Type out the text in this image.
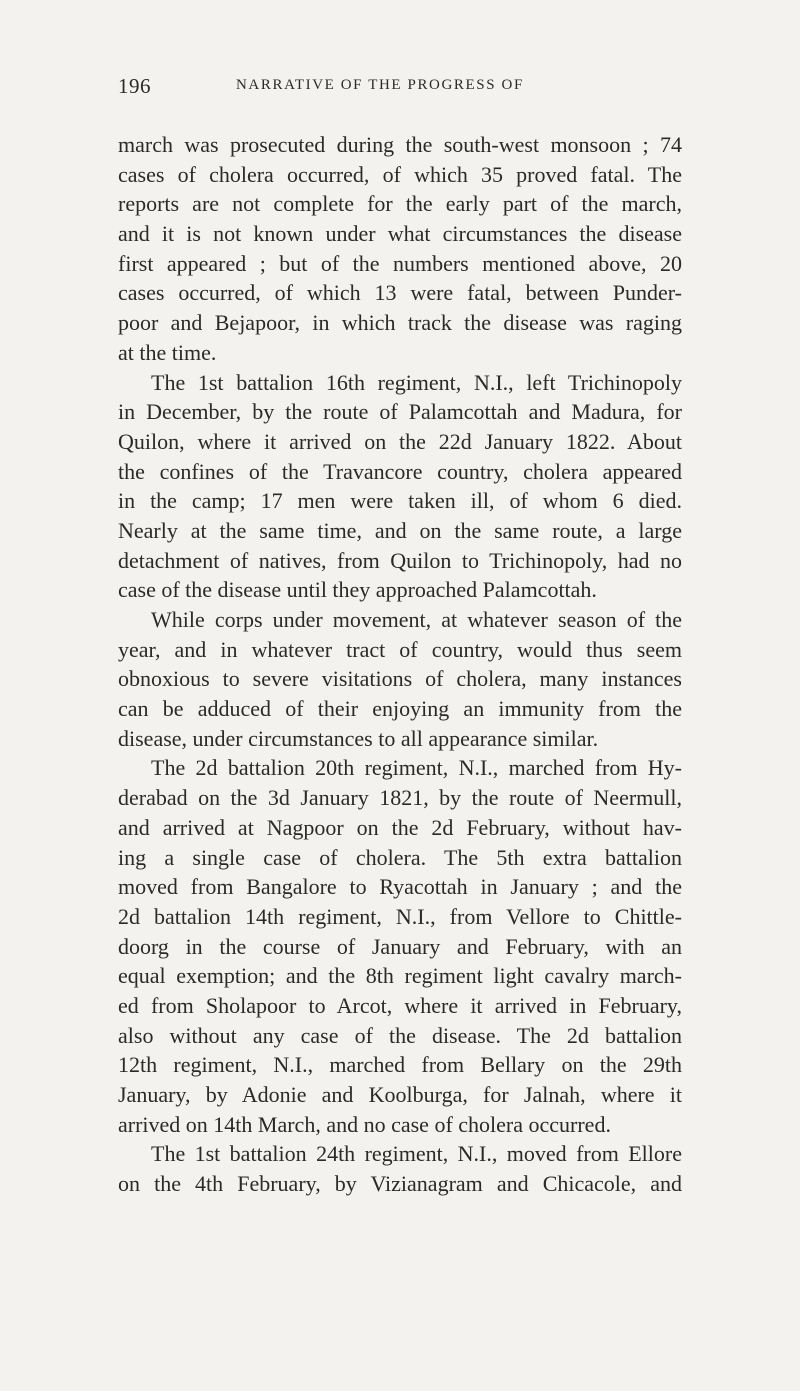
196	NARRATIVE OF THE PROGRESS OF
march was prosecuted during the south-west monsoon ; 74
cases of cholera occurred, of which 35 proved fatal. The
reports are not complete for the early part of the march,
and it is not known under what circumstances the disease
first appeared ; but of the numbers mentioned above, 20
cases occurred, of which 13 were fatal, between Punder-
poor and Bejapoor, in which track the disease was raging
at the time.
The 1st battalion 16th regiment, N.I., left Trichinopoly
in December, by the route of Palamcottah and Madura, for
Quilon, where it arrived on the 22d January 1822. About
the confines of the Travancore country, cholera appeared
in the camp; 17 men were taken ill, of whom 6 died.
Nearly at the same time, and on the same route, a large
detachment of natives, from Quilon to Trichinopoly, had no
case of the disease until they approached Palamcottah.
While corps under movement, at whatever season of the
year, and in whatever tract of country, would thus seem
obnoxious to severe visitations of cholera, many instances
can be adduced of their enjoying an immunity from the
disease, under circumstances to all appearance similar.
The 2d battalion 20th regiment, N.I., marched from Hy-
derabad on the 3d January 1821, by the route of Neermull,
and arrived at Nagpoor on the 2d February, without hav-
ing a single case of cholera. The 5th extra battalion
moved from Bangalore to Ryacottah in January ; and the
2d battalion 14th regiment, N.I., from Vellore to Chittle-
doorg in the course of January and February, with an
equal exemption; and the 8th regiment light cavalry march-
ed from Sholapoor to Arcot, where it arrived in February,
also without any case of the disease. The 2d battalion
12th regiment, N.I., marched from Bellary on the 29th
January, by Adonie and Koolburga, for Jalnah, where it
arrived on 14th March, and no case of cholera occurred.
The 1st battalion 24th regiment, N.I., moved from Ellore
on the 4th February, by Vizianagram and Chicacole, and
